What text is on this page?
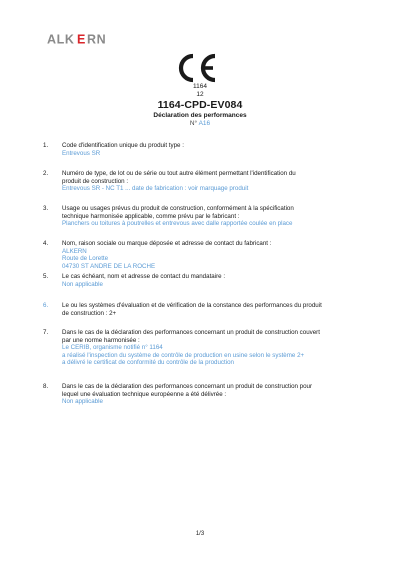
ALK E RN
1164
12
1164-CPD-EV084
Déclaration des performances
N° A16
1. Code d'identification unique du produit type :
Entrevous SR
2. Numéro de type, de lot ou de série ou tout autre élément permettant l'identification du
produit de construction :
Entrevous SR - NC T1 ... date de fabrication : voir marquage produit
3. Usage ou usages prévus du produit de construction, conformément à la spécification
technique harmonisée applicable, comme prévu par le fabricant :
Planchers ou toitures à poutrelles et entrevous avec dalle rapportée coulée en place
4. Nom, raison sociale ou marque déposée et adresse de contact du fabricant :
ALKERN
Route de Lorette
04730 ST ANDRE DE LA ROCHE
5. Le cas échéant, nom et adresse de contact du mandataire :
Non applicable
6. Le ou les systèmes d'évaluation et de vérification de la constance des performances du produit
de construction : 2+
7. Dans le cas de la déclaration des performances concernant un produit de construction couvert
par une norme harmonisée :
Le CERIB, organisme notifié n° 1164
a réalisé l'inspection du système de contrôle de production en usine selon le système 2+
a délivré le certificat de conformité du contrôle de la production
8. Dans le cas de la déclaration des performances concernant un produit de construction pour
lequel une évaluation technique européenne a été délivrée :
Non applicable
1/3
